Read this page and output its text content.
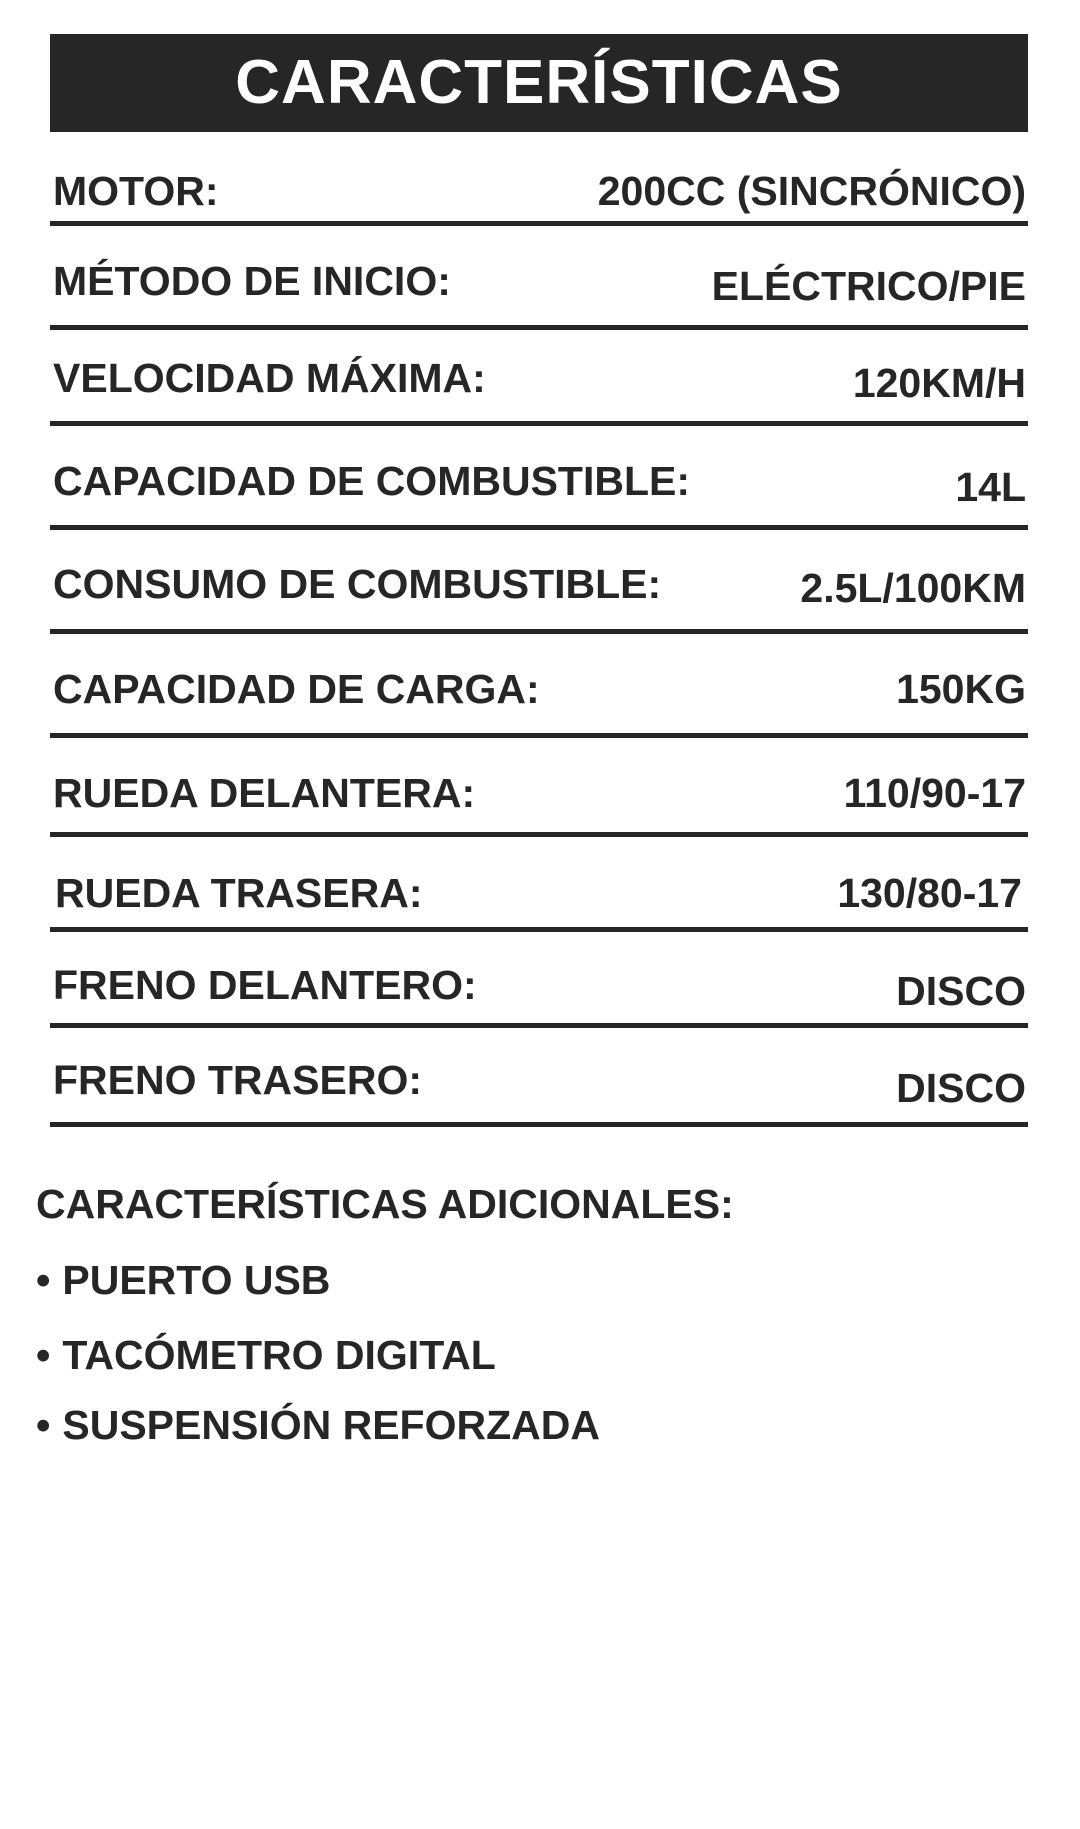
CARACTERÍSTICAS
MOTOR:	200CC (SINCRÓNICO)
MÉTODO DE INICIO:	ELÉCTRICO/PIE
VELOCIDAD MÁXIMA:	120KM/H
CAPACIDAD DE COMBUSTIBLE:	14L
CONSUMO DE COMBUSTIBLE:	2.5L/100KM
CAPACIDAD DE CARGA:	150KG
RUEDA DELANTERA:	110/90-17
RUEDA TRASERA:	130/80-17
FRENO DELANTERO:	DISCO
FRENO TRASERO:	DISCO
CARACTERÍSTICAS ADICIONALES:
• PUERTO USB
• TACÓMETRO DIGITAL
• SUSPENSIÓN REFORZADA
